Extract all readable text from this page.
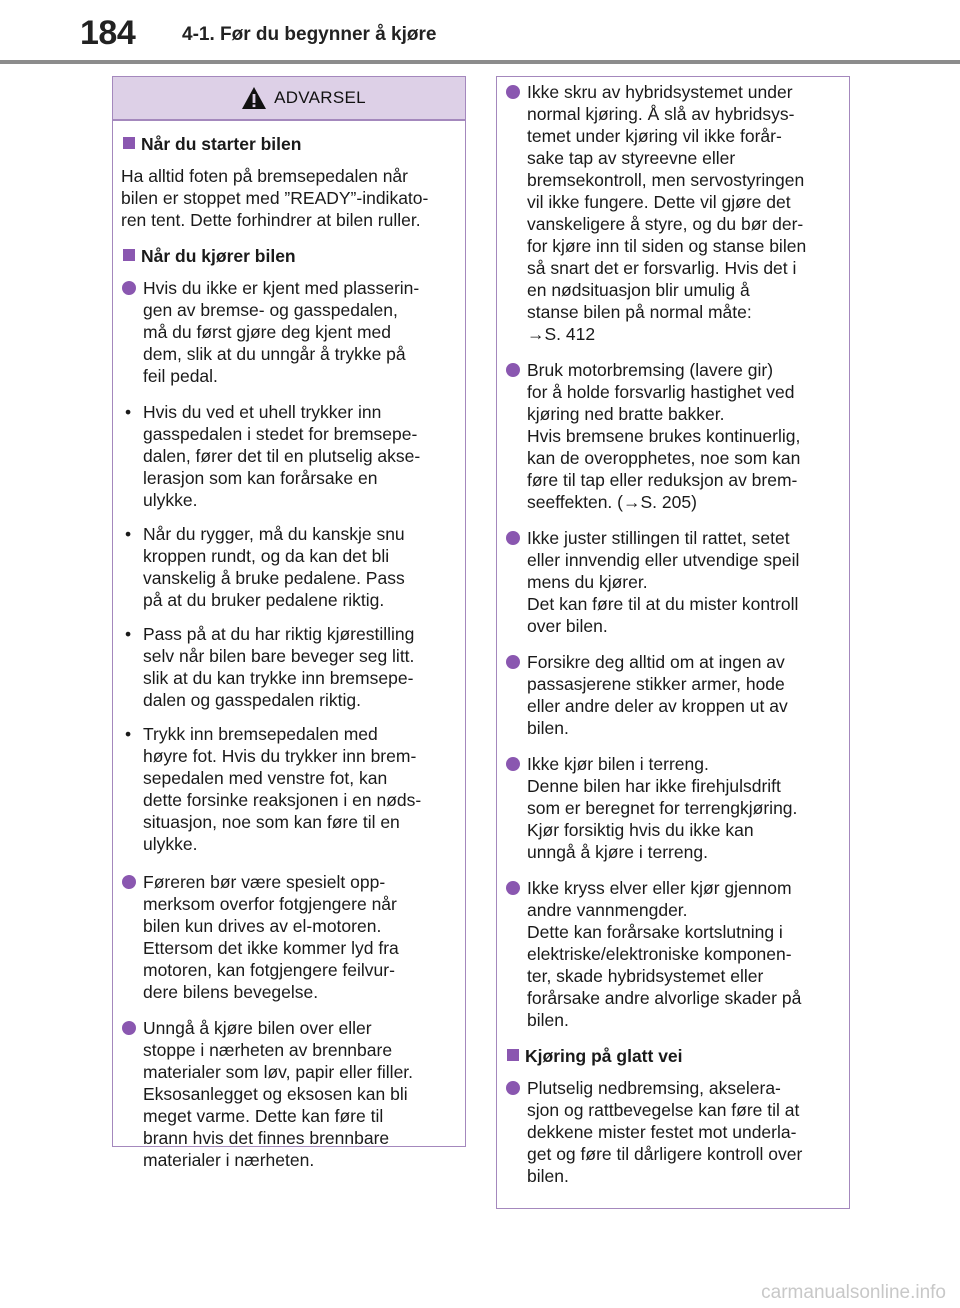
184 4-1. Før du begynner å kjøre
ADVARSEL
Når du starter bilen
Ha alltid foten på bremsepedalen når
bilen er stoppet med ”READY”-indikato-
ren tent. Dette forhindrer at bilen ruller.
Når du kjører bilen
Hvis du ikke er kjent med plasserin-
gen av bremse- og gasspedalen,
må du først gjøre deg kjent med
dem, slik at du unngår å trykke på
feil pedal.
• Hvis du ved et uhell trykker inn
gasspedalen i stedet for bremsepe-
dalen, fører det til en plutselig akse-
lerasjon som kan forårsake en
ulykke.
• Når du rygger, må du kanskje snu
kroppen rundt, og da kan det bli
vanskelig å bruke pedalene. Pass
på at du bruker pedalene riktig.
• Pass på at du har riktig kjørestilling
selv når bilen bare beveger seg litt.
slik at du kan trykke inn bremsepe-
dalen og gasspedalen riktig.
• Trykk inn bremsepedalen med
høyre fot. Hvis du trykker inn brem-
sepedalen med venstre fot, kan
dette forsinke reaksjonen i en nøds-
situasjon, noe som kan føre til en
ulykke.
Føreren bør være spesielt opp-
merksom overfor fotgjengere når
bilen kun drives av el-motoren.
Ettersom det ikke kommer lyd fra
motoren, kan fotgjengere feilvur-
dere bilens bevegelse.
Unngå å kjøre bilen over eller
stoppe i nærheten av brennbare
materialer som løv, papir eller filler.
Eksosanlegget og eksosen kan bli
meget varme. Dette kan føre til
brann hvis det finnes brennbare
materialer i nærheten.
Ikke skru av hybridsystemet under
normal kjøring. Å slå av hybridsys-
temet under kjøring vil ikke forår-
sake tap av styreevne eller
bremsekontroll, men servostyringen
vil ikke fungere. Dette vil gjøre det
vanskeligere å styre, og du bør der-
for kjøre inn til siden og stanse bilen
så snart det er forsvarlig. Hvis det i
en nødsituasjon blir umulig å
stanse bilen på normal måte:
→S. 412
Bruk motorbremsing (lavere gir)
for å holde forsvarlig hastighet ved
kjøring ned bratte bakker.
Hvis bremsene brukes kontinuerlig,
kan de overopphetes, noe som kan
føre til tap eller reduksjon av brem-
seeffekten. (→S. 205)
Ikke juster stillingen til rattet, setet
eller innvendig eller utvendige speil
mens du kjører.
Det kan føre til at du mister kontroll
over bilen.
Forsikre deg alltid om at ingen av
passasjerene stikker armer, hode
eller andre deler av kroppen ut av
bilen.
Ikke kjør bilen i terreng.
Denne bilen har ikke firehjulsdrift
som er beregnet for terrengkjøring.
Kjør forsiktig hvis du ikke kan
unngå å kjøre i terreng.
Ikke kryss elver eller kjør gjennom
andre vannmengder.
Dette kan forårsake kortslutning i
elektriske/elektroniske komponen-
ter, skade hybridsystemet eller
forårsake andre alvorlige skader på
bilen.
Kjøring på glatt vei
Plutselig nedbremsing, akselera-
sjon og rattbevegelse kan føre til at
dekkene mister festet mot underla-
get og føre til dårligere kontroll over
bilen.
carmanualsonline.info
